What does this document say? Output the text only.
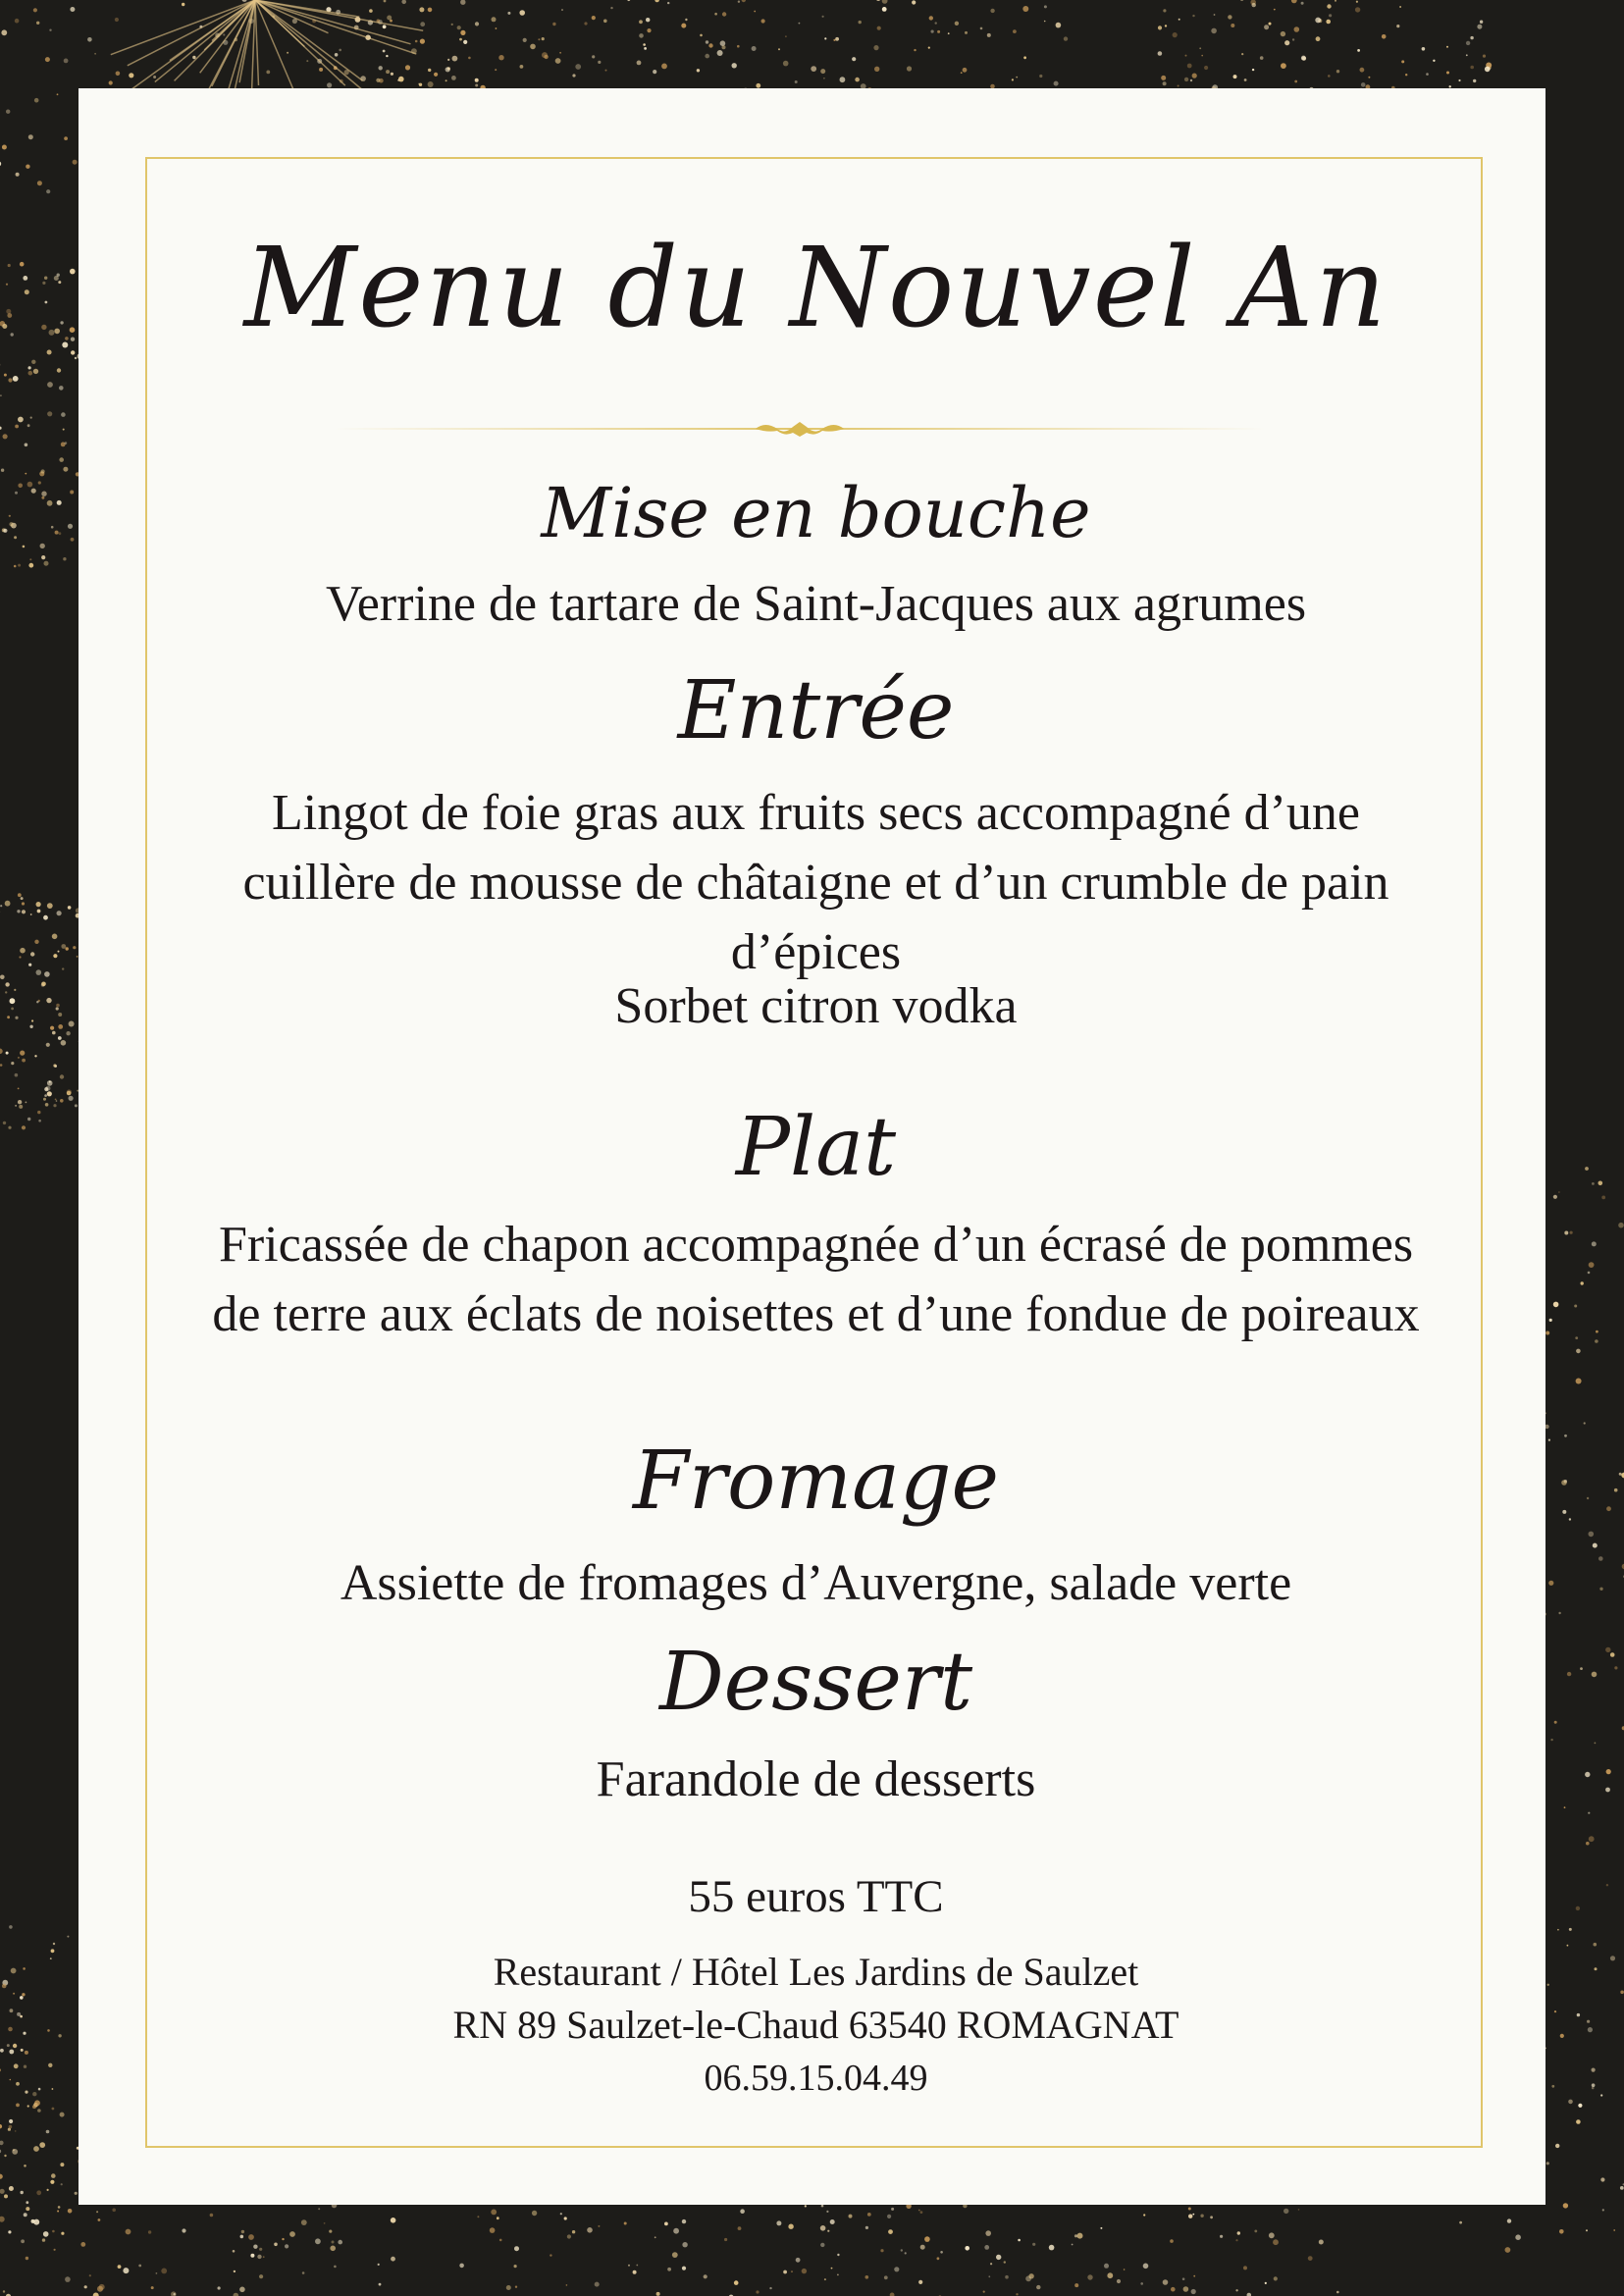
Menu du Nouvel An
Mise en bouche
Verrine de tartare de Saint-Jacques aux agrumes
Entrée
Lingot de foie gras aux fruits secs accompagné d’une cuillère de mousse de châtaigne et d’un crumble de pain d’épices
Sorbet citron vodka
Plat
Fricassée de chapon accompagnée d’un écrasé de pommes de terre aux éclats de noisettes et d’une fondue de poireaux
Fromage
Assiette de fromages d’Auvergne, salade verte
Dessert
Farandole de desserts
55 euros TTC
Restaurant / Hôtel Les Jardins de Saulzet
RN 89 Saulzet-le-Chaud 63540 ROMAGNAT
06.59.15.04.49
